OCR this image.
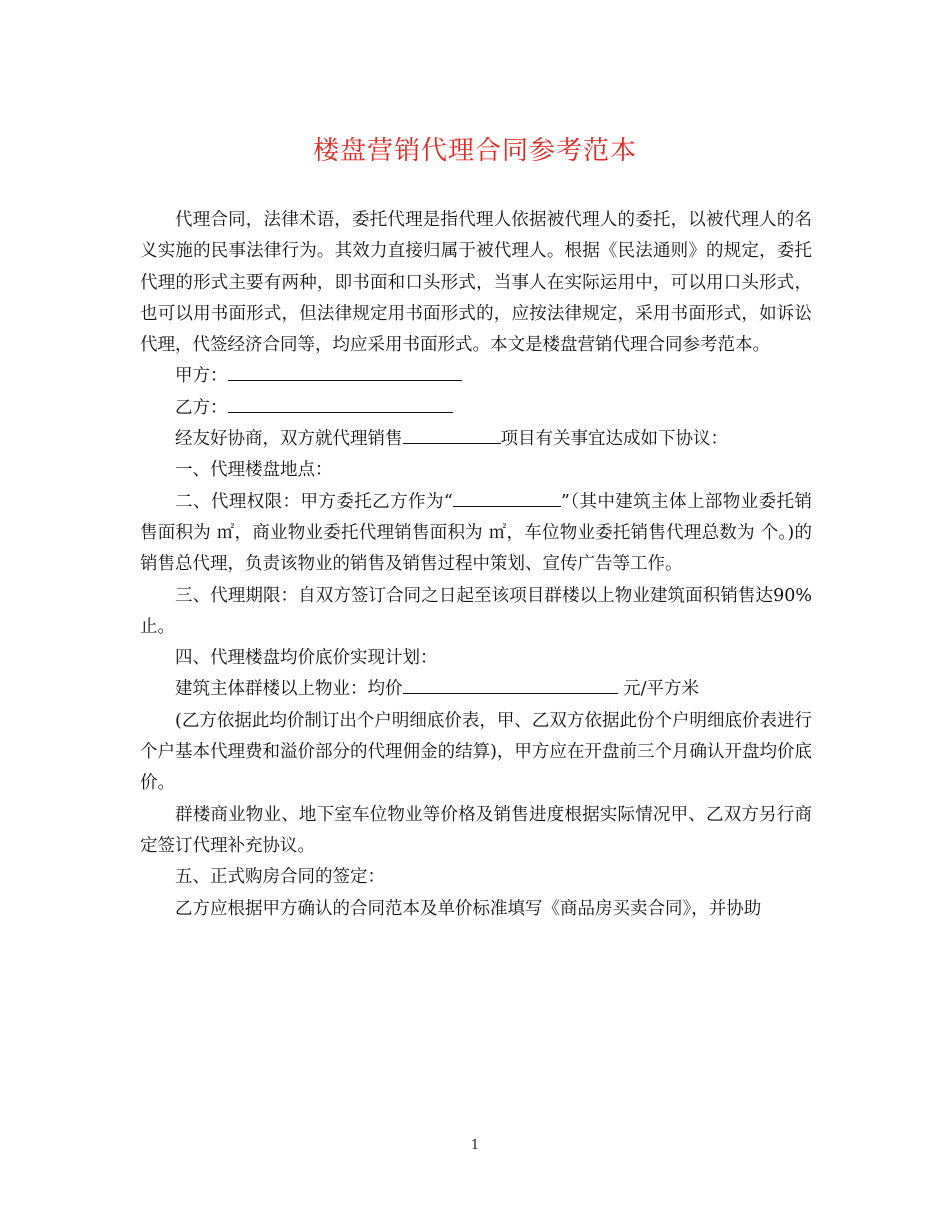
楼盘营销代理合同参考范本

代理合同，法律术语，委托代理是指代理人依据被代理人的委托，以被代理人的名义实施的民事法律行为。其效力直接归属于被代理人。根据《民法通则》的规定，委托代理的形式主要有两种，即书面和口头形式，当事人在实际运用中，可以用口头形式，也可以用书面形式，但法律规定用书面形式的，应按法律规定，采用书面形式，如诉讼代理，代签经济合同等，均应采用书面形式。本文是楼盘营销代理合同参考范本。

甲方：

乙方：

经友好协商，双方就代理销售	项目有关事宜达成如下协议：

一、代理楼盘地点：

二、代理权限：甲方委托乙方作为“	”（其中建筑主体上部物业委托销售面积为 ㎡，商业物业委托代理销售面积为 ㎡，车位物业委托销售代理总数为 个。)的销售总代理，负责该物业的销售及销售过程中策划、宣传广告等工作。

三、代理期限：自双方签订合同之日起至该项目群楼以上物业建筑面积销售达90%止。

四、代理楼盘均价底价实现计划：

建筑主体群楼以上物业：均价	元/平方米

(乙方依据此均价制订出个户明细底价表，甲、乙双方依据此份个户明细底价表进行个户基本代理费和溢价部分的代理佣金的结算)，甲方应在开盘前三个月确认开盘均价底价。

群楼商业物业、地下室车位物业等价格及销售进度根据实际情况甲、乙双方另行商定签订代理补充协议。

五、正式购房合同的签定：

乙方应根据甲方确认的合同范本及单价标准填写《商品房买卖合同》，并协助

1
